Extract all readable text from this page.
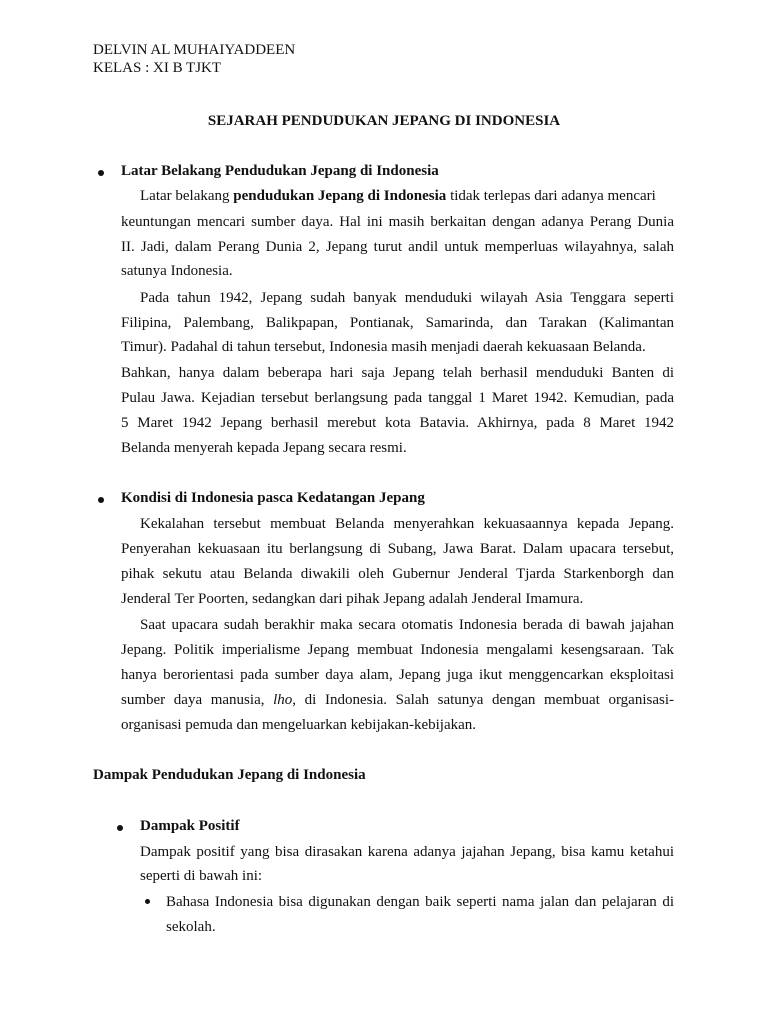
DELVIN AL MUHAIYADDEEN
KELAS : XI B TJKT
SEJARAH PENDUDUKAN JEPANG DI INDONESIA
Latar Belakang Pendudukan Jepang di Indonesia
Latar belakang pendudukan Jepang di Indonesia tidak terlepas dari adanya mencari
keuntungan mencari sumber daya. Hal ini masih berkaitan dengan adanya Perang Dunia
II. Jadi, dalam Perang Dunia 2, Jepang turut andil untuk memperluas wilayahnya, salah
satunya Indonesia.
Pada tahun 1942, Jepang sudah banyak menduduki wilayah Asia Tenggara seperti
Filipina, Palembang, Balikpapan, Pontianak, Samarinda, dan Tarakan (Kalimantan
Timur). Padahal di tahun tersebut, Indonesia masih menjadi daerah kekuasaan Belanda.
Bahkan, hanya dalam beberapa hari saja Jepang telah berhasil menduduki Banten di
Pulau Jawa. Kejadian tersebut berlangsung pada tanggal 1 Maret 1942. Kemudian, pada
5 Maret 1942 Jepang berhasil merebut kota Batavia. Akhirnya, pada 8 Maret 1942
Belanda menyerah kepada Jepang secara resmi.
Kondisi di Indonesia pasca Kedatangan Jepang
Kekalahan tersebut membuat Belanda menyerahkan kekuasaannya kepada Jepang.
Penyerahan kekuasaan itu berlangsung di Subang, Jawa Barat. Dalam upacara tersebut,
pihak sekutu atau Belanda diwakili oleh Gubernur Jenderal Tjarda Starkenborgh dan
Jenderal Ter Poorten, sedangkan dari pihak Jepang adalah Jenderal Imamura.
Saat upacara sudah berakhir maka secara otomatis Indonesia berada di bawah jajahan
Jepang. Politik imperialisme Jepang membuat Indonesia mengalami kesengsaraan. Tak
hanya berorientasi pada sumber daya alam, Jepang juga ikut menggencarkan eksploitasi
sumber daya manusia, lho, di Indonesia. Salah satunya dengan membuat organisasi-
organisasi pemuda dan mengeluarkan kebijakan-kebijakan.
Dampak Pendudukan Jepang di Indonesia
Dampak Positif
Dampak positif yang bisa dirasakan karena adanya jajahan Jepang, bisa kamu ketahui
seperti di bawah ini:
Bahasa Indonesia bisa digunakan dengan baik seperti nama jalan dan pelajaran di
sekolah.
